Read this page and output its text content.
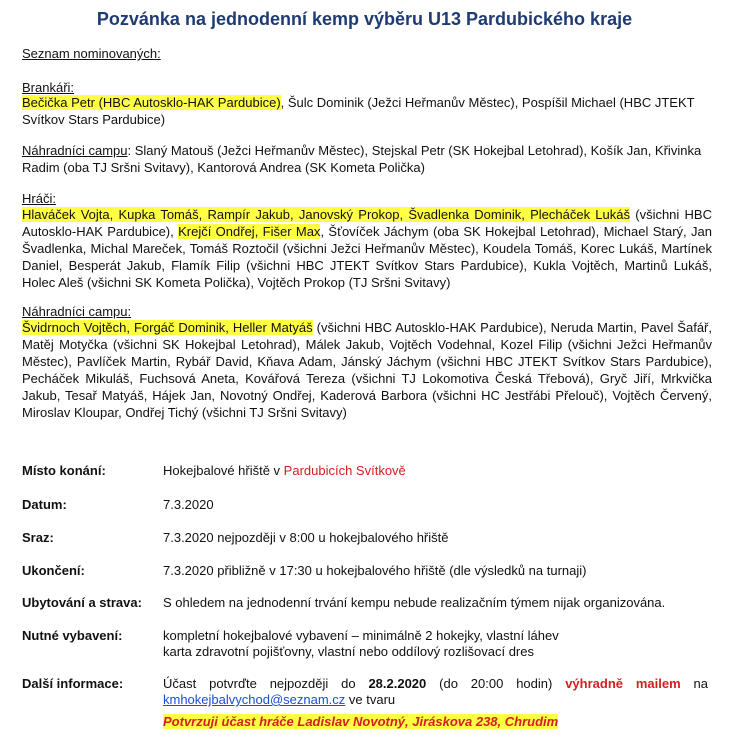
Pozvánka na jednodenní kemp výběru U13 Pardubického kraje
Seznam nominovaných:
Brankáři:
Bečička Petr (HBC Autosklo-HAK Pardubice), Šulc Dominik (Ježci Heřmanův Městec), Pospíšil Michael (HBC JTEKT Svítkov Stars Pardubice)
Náhradníci campu: Slaný Matouš (Ježci Heřmanův Městec), Stejskal Petr (SK Hokejbal Letohrad), Košík Jan, Křivinka Radim (oba TJ Sršni Svitavy), Kantorová Andrea (SK Kometa Polička)
Hráči:
Hlaváček Vojta, Kupka Tomáš, Rampír Jakub, Janovský Prokop, Švadlenka Dominik, Plecháček Lukáš (všichni HBC Autosklo-HAK Pardubice), Krejčí Ondřej, Fišer Max, Šťovíček Jáchym (oba SK Hokejbal Letohrad), Michael Starý, Jan Švadlenka, Michal Mareček, Tomáš Roztočil (všichni Ježci Heřmanův Městec), Koudela Tomáš, Korec Lukáš, Martínek Daniel, Besperát Jakub, Flamík Filip (všichni HBC JTEKT Svítkov Stars Pardubice), Kukla Vojtěch, Martinů Lukáš, Holec Aleš (všichni SK Kometa Polička), Vojtěch Prokop (TJ Sršni Svitavy)
Náhradníci campu:
Švidrnoch Vojtěch, Forgáč Dominik, Heller Matyáš (všichni HBC Autosklo-HAK Pardubice), Neruda Martin, Pavel Šafář, Matěj Motyčka (všichni SK Hokejbal Letohrad), Málek Jakub, Vojtěch Vodehnal, Kozel Filip (všichni Ježci Heřmanův Městec), Pavlíček Martin, Rybář David, Kňava Adam, Jánský Jáchym (všichni HBC JTEKT Svítkov Stars Pardubice), Pecháček Mikuláš, Fuchsová Aneta, Kovářová Tereza (všichni TJ Lokomotiva Česká Třebová), Gryč Jiří, Mrkvička Jakub, Tesař Matyáš, Hájek Jan, Novotný Ondřej, Kaderová Barbora (všichni HC Jestřábi Přelouč), Vojtěch Červený, Miroslav Kloupar, Ondřej Tichý (všichni TJ Sršni Svitavy)
Místo konání:	Hokejbalové hřiště v Pardubicích Svítkově
Datum:	7.3.2020
Sraz:	7.3.2020 nejpozději v 8:00 u hokejbalového hřiště
Ukončení:	7.3.2020 přibližně v 17:30 u hokejbalového hřiště (dle výsledků na turnaji)
Ubytování a strava: S ohledem na jednodenní trvání kempu nebude realizačním týmem nijak organizována.
Nutné vybavení:	kompletní hokejbalové vybavení – minimálně 2 hokejky, vlastní láhev
karta zdravotní pojišťovny, vlastní nebo oddílový rozlišovací dres
Další informace:	Účast potvrďte nejpozději do 28.2.2020 (do 20:00 hodin) výhradně mailem na
kmhokejbalvychod@seznam.cz ve tvaru
Potvrzuji účast hráče Ladislav Novotný, Jiráskova 238, Chrudim
